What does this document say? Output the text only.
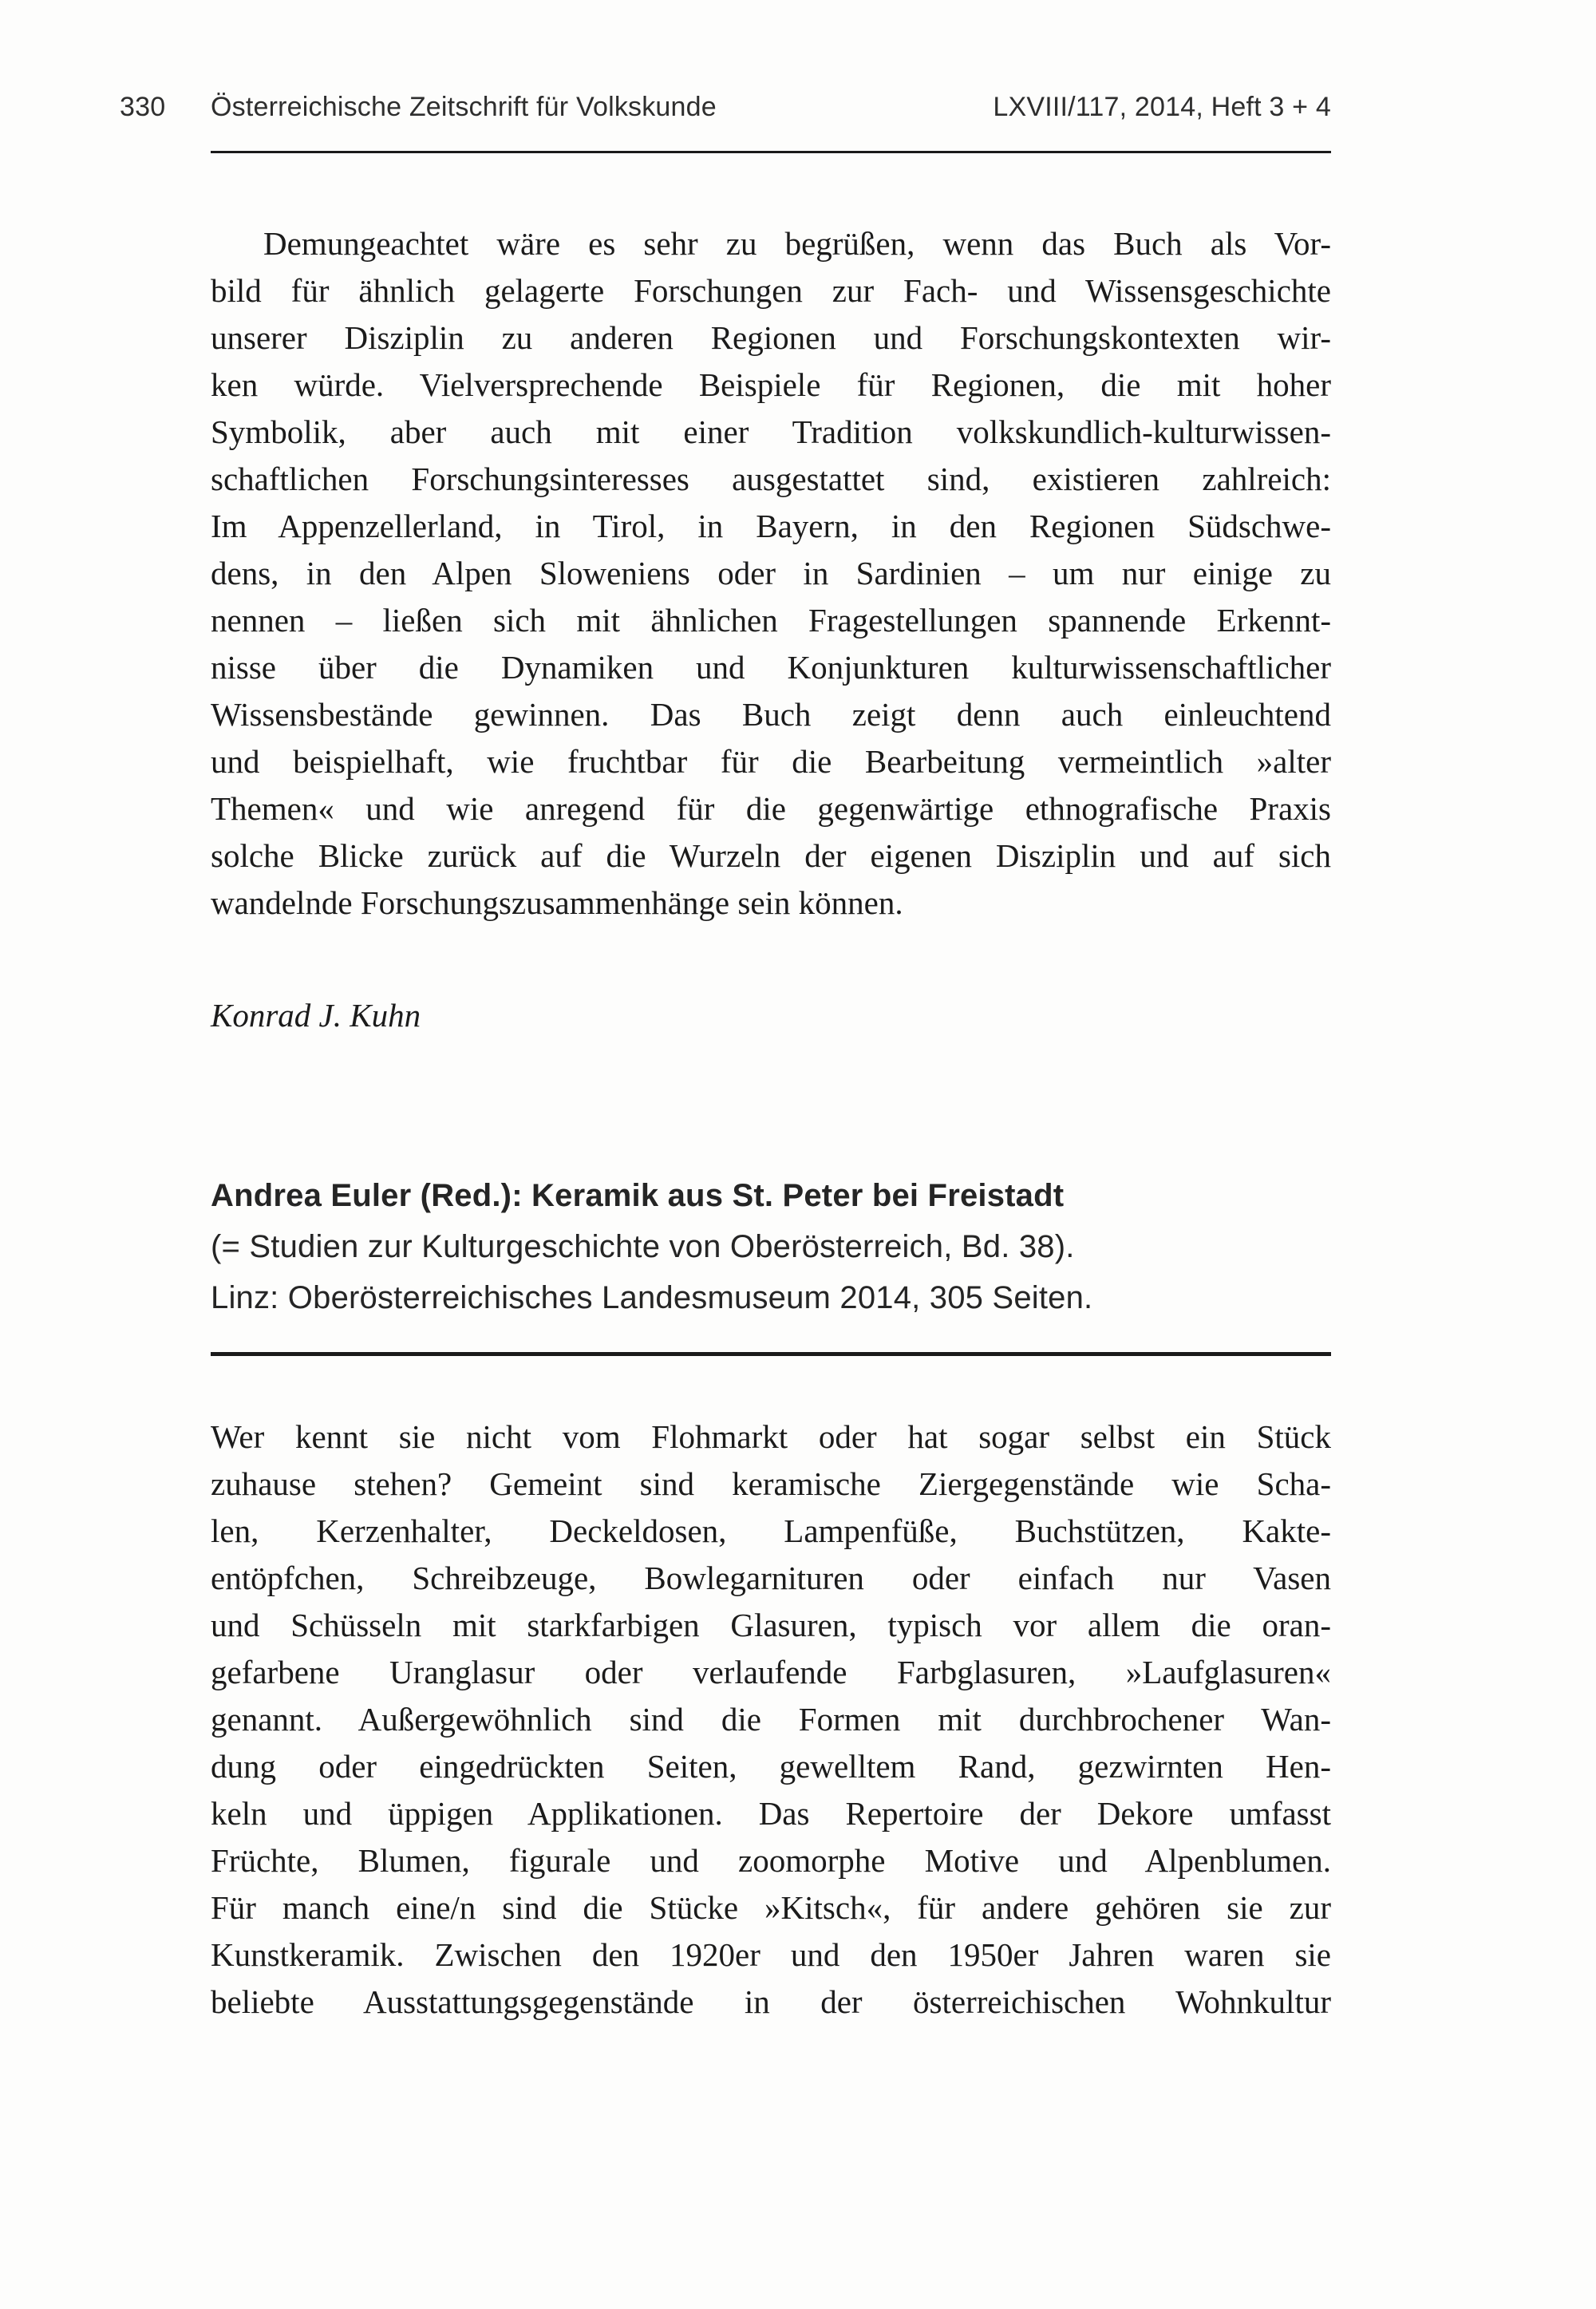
330	Österreichische Zeitschrift für Volkskunde	LXVIII/117, 2014, Heft 3 + 4
Demungeachtet wäre es sehr zu begrüßen, wenn das Buch als Vor-
bild für ähnlich gelagerte Forschungen zur Fach- und Wissensgeschichte
unserer Disziplin zu anderen Regionen und Forschungskontexten wir-
ken würde. Vielversprechende Beispiele für Regionen, die mit hoher
Symbolik, aber auch mit einer Tradition volkskundlich-kulturwissen-
schaftlichen Forschungsinteresses ausgestattet sind, existieren zahlreich:
Im Appenzellerland, in Tirol, in Bayern, in den Regionen Südschwe-
dens, in den Alpen Sloweniens oder in Sardinien – um nur einige zu
nennen – ließen sich mit ähnlichen Fragestellungen spannende Erkennt-
nisse über die Dynamiken und Konjunkturen kulturwissenschaftlicher
Wissensbestände gewinnen. Das Buch zeigt denn auch einleuchtend
und beispielhaft, wie fruchtbar für die Bearbeitung vermeintlich »alter
Themen« und wie anregend für die gegenwärtige ethnografische Praxis
solche Blicke zurück auf die Wurzeln der eigenen Disziplin und auf sich
wandelnde Forschungszusammenhänge sein können.
Konrad J. Kuhn
Andrea Euler (Red.): Keramik aus St. Peter bei Freistadt
(= Studien zur Kulturgeschichte von Oberösterreich, Bd. 38).
Linz: Oberösterreichisches Landesmuseum 2014, 305 Seiten.
Wer kennt sie nicht vom Flohmarkt oder hat sogar selbst ein Stück
zuhause stehen? Gemeint sind keramische Ziergegenstände wie Scha-
len, Kerzenhalter, Deckeldosen, Lampenfüße, Buchstützen, Kakte-
entöpfchen, Schreibzeuge, Bowlegarnituren oder einfach nur Vasen
und Schüsseln mit starkfarbigen Glasuren, typisch vor allem die oran-
gefarbene Uranglasur oder verlaufende Farbglasuren, »Laufglasuren«
genannt. Außergewöhnlich sind die Formen mit durchbrochener Wan-
dung oder eingedrückten Seiten, gewelltem Rand, gezwirnten Hen-
keln und üppigen Applikationen. Das Repertoire der Dekore umfasst
Früchte, Blumen, figurale und zoomorphe Motive und Alpenblumen.
Für manch eine/n sind die Stücke »Kitsch«, für andere gehören sie zur
Kunstkeramik. Zwischen den 1920er und den 1950er Jahren waren sie
beliebte Ausstattungsgegenstände in der österreichischen Wohnkultur
